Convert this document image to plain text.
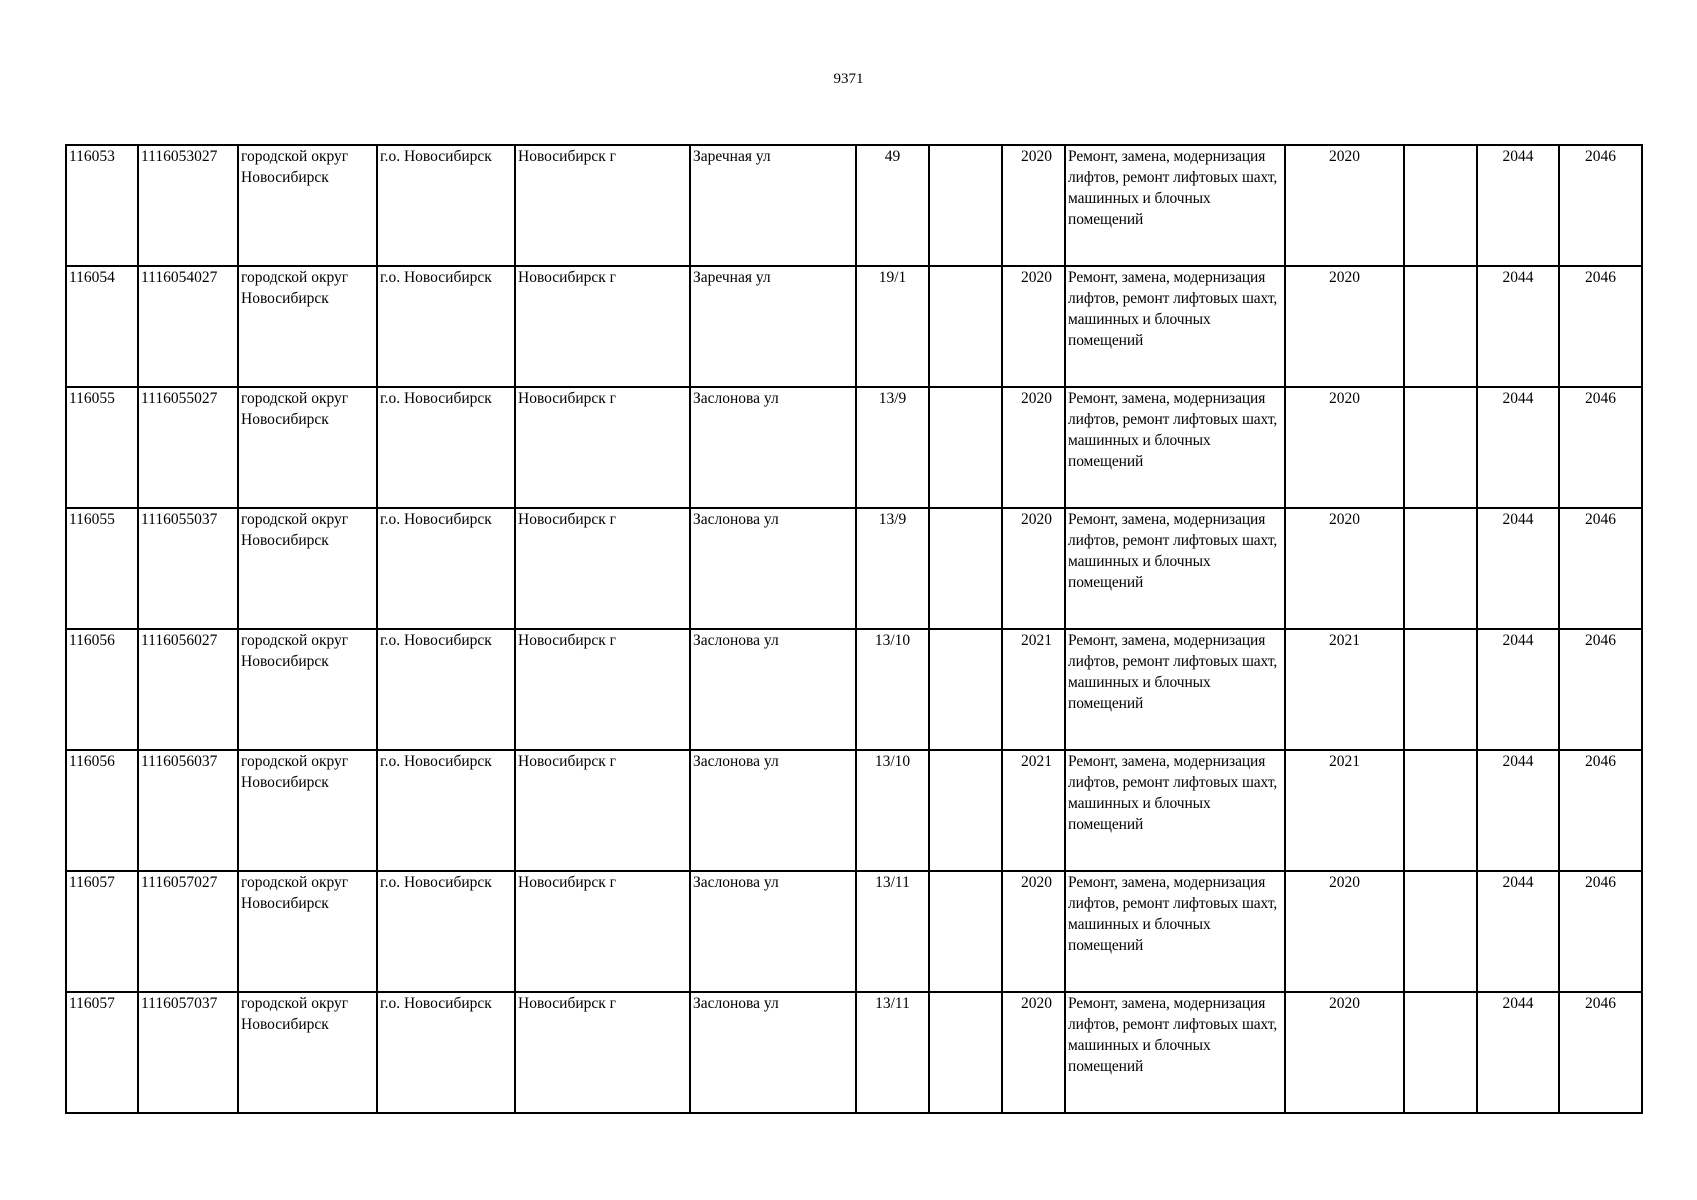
9371
116053	1116053027	городской округ Новосибирск	г.о. Новосибирск	Новосибирск г	Заречная ул	49		2020	Ремонт, замена, модернизация лифтов, ремонт лифтовых шахт, машинных и блочных помещений	2020		2044	2046
116054	1116054027	городской округ Новосибирск	г.о. Новосибирск	Новосибирск г	Заречная ул	19/1		2020	Ремонт, замена, модернизация лифтов, ремонт лифтовых шахт, машинных и блочных помещений	2020		2044	2046
116055	1116055027	городской округ Новосибирск	г.о. Новосибирск	Новосибирск г	Заслонова ул	13/9		2020	Ремонт, замена, модернизация лифтов, ремонт лифтовых шахт, машинных и блочных помещений	2020		2044	2046
116055	1116055037	городской округ Новосибирск	г.о. Новосибирск	Новосибирск г	Заслонова ул	13/9		2020	Ремонт, замена, модернизация лифтов, ремонт лифтовых шахт, машинных и блочных помещений	2020		2044	2046
116056	1116056027	городской округ Новосибирск	г.о. Новосибирск	Новосибирск г	Заслонова ул	13/10		2021	Ремонт, замена, модернизация лифтов, ремонт лифтовых шахт, машинных и блочных помещений	2021		2044	2046
116056	1116056037	городской округ Новосибирск	г.о. Новосибирск	Новосибирск г	Заслонова ул	13/10		2021	Ремонт, замена, модернизация лифтов, ремонт лифтовых шахт, машинных и блочных помещений	2021		2044	2046
116057	1116057027	городской округ Новосибирск	г.о. Новосибирск	Новосибирск г	Заслонова ул	13/11		2020	Ремонт, замена, модернизация лифтов, ремонт лифтовых шахт, машинных и блочных помещений	2020		2044	2046
116057	1116057037	городской округ Новосибирск	г.о. Новосибирск	Новосибирск г	Заслонова ул	13/11		2020	Ремонт, замена, модернизация лифтов, ремонт лифтовых шахт, машинных и блочных помещений	2020		2044	2046
